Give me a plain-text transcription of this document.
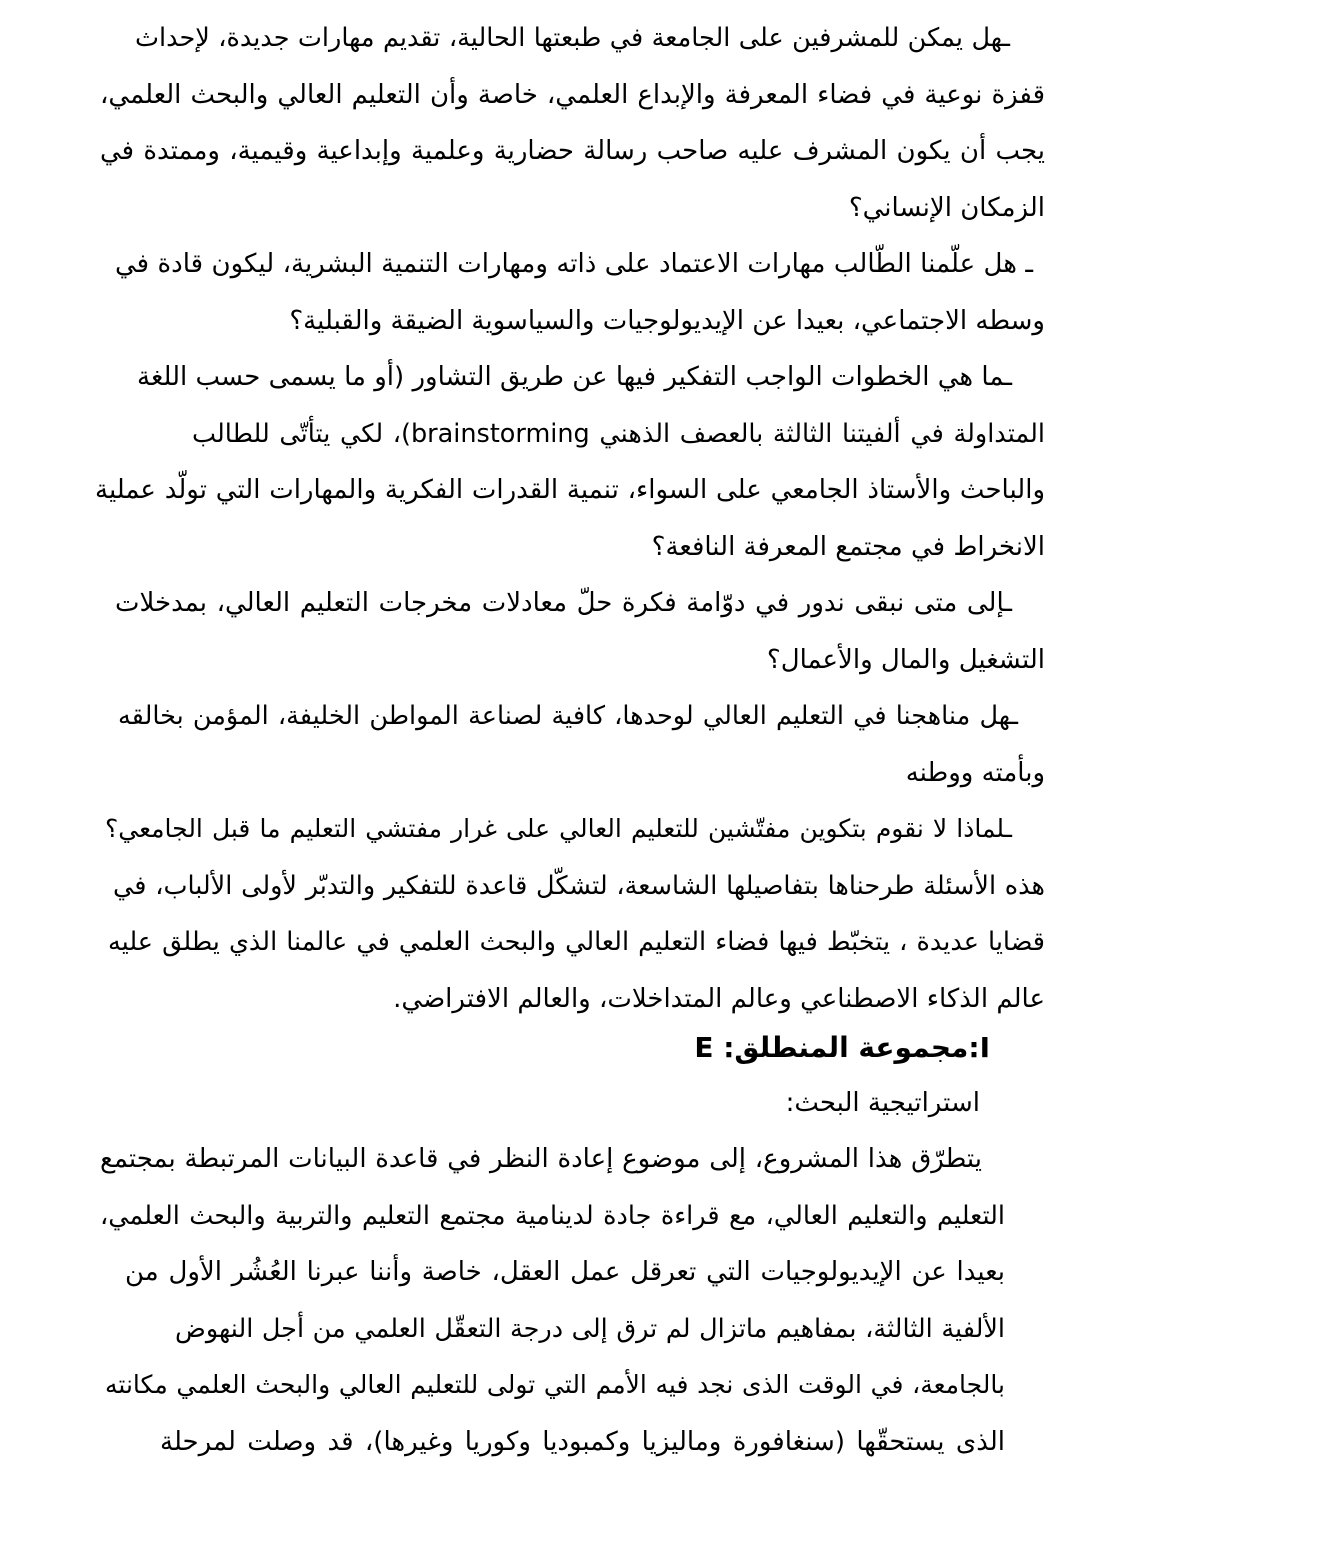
ـهل يمكن للمشرفين على الجامعة في طبعتها الحالية، تقديم مهارات جديدة، لإحداث
قفزة نوعية في فضاء المعرفة والإبداع العلمي، خاصة وأن التعليم العالي والبحث العلمي،
يجب أن يكون المشرف عليه صاحب رسالة حضارية وعلمية وإبداعية وقيمية، وممتدة في
الزمكان الإنساني؟
ـ هل علّمنا الطّالب مهارات الاعتماد على ذاته ومهارات التنمية البشرية، ليكون قادة في
وسطه الاجتماعي، بعيدا عن الإيديولوجيات والسياسوية الضيقة والقبلية؟
ـما هي الخطوات الواجب التفكير فيها عن طريق التشاور (أو ما يسمى حسب اللغة
المتداولة في ألفيتنا الثالثة بالعصف الذهني brainstorming)، لكي يتأتّى للطالب
والباحث والأستاذ الجامعي على السواء، تنمية القدرات الفكرية والمهارات التي تولّد عملية
الانخراط في مجتمع المعرفة النافعة؟
ـإلى متى نبقى ندور في دوّامة فكرة حلّ معادلات مخرجات التعليم العالي، بمدخلات
التشغيل والمال والأعمال؟
ـهل مناهجنا في التعليم العالي لوحدها، كافية لصناعة المواطن الخليفة، المؤمن بخالقه
وبأمته ووطنه
ـلماذا لا نقوم بتكوين مفتّشين للتعليم العالي على غرار مفتشي التعليم ما قبل الجامعي؟
هذه الأسئلة طرحناها بتفاصيلها الشاسعة، لتشكّل قاعدة للتفكير والتدبّر لأولى الألباب، في
قضايا عديدة ، يتخبّط فيها فضاء التعليم العالي والبحث العلمي في عالمنا الذي يطلق عليه
عالم الذكاء الاصطناعي وعالم المتداخلات، والعالم الافتراضي.
I:مجموعة المنطلق: E
استراتيجية البحث:
يتطرّق هذا المشروع، إلى موضوع إعادة النظر في قاعدة البيانات المرتبطة بمجتمع
التعليم والتعليم العالي، مع قراءة جادة لدينامية مجتمع التعليم والتربية والبحث العلمي،
بعيدا عن الإيديولوجيات التي تعرقل عمل العقل، خاصة وأننا عبرنا العُشُر الأول من
الألفية الثالثة، بمفاهيم ماتزال لم ترق إلى درجة التعقّل العلمي من أجل النهوض
بالجامعة، في الوقت الذى نجد فيه الأمم التي تولى للتعليم العالي والبحث العلمي مكانته
الذى يستحقّها (سنغافورة وماليزيا وكمبوديا وكوريا وغيرها)، قد وصلت لمرحلة
